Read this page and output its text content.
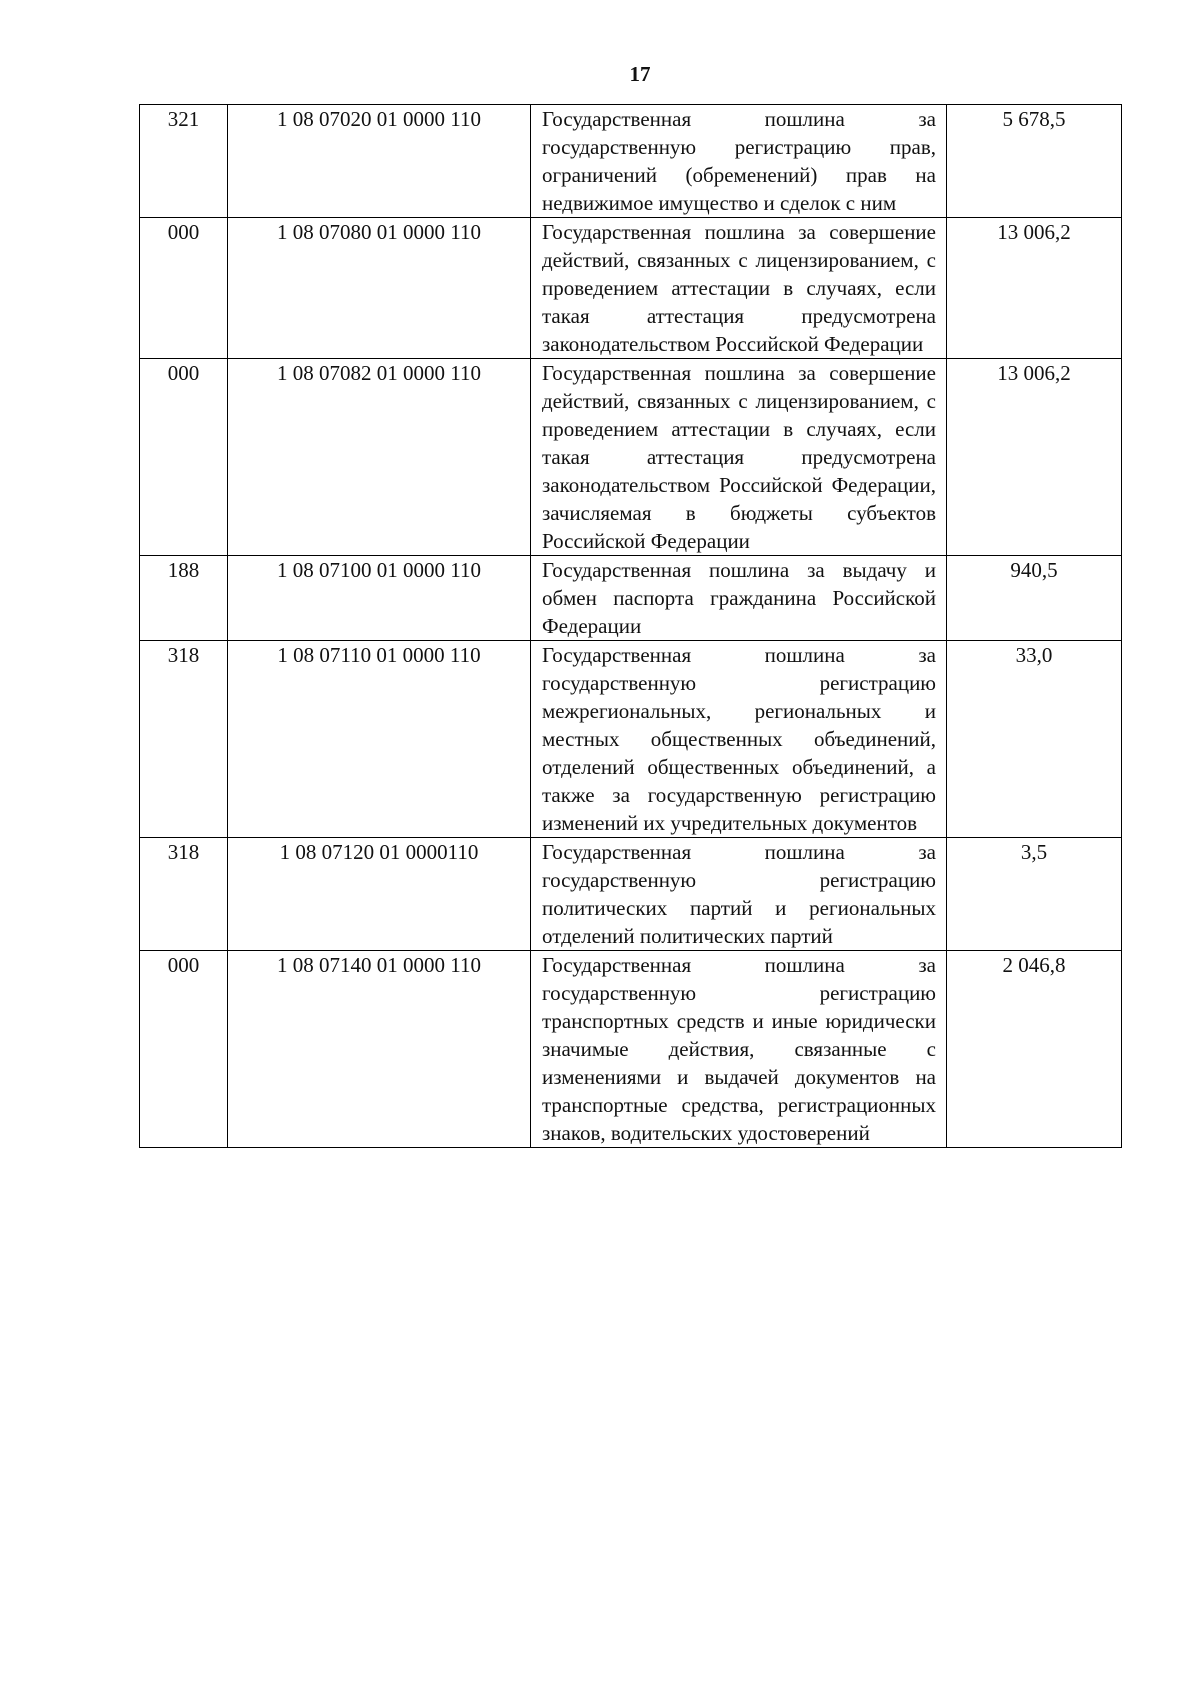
17
321	1 08 07020 01 0000 110	Государственная пошлина за государственную регистрацию прав, ограничений (обременений) прав на недвижимое имущество и сделок с ним	5 678,5
000	1 08 07080 01 0000 110	Государственная пошлина за совершение действий, связанных с лицензированием, с проведением аттестации в случаях, если такая аттестация предусмотрена законодательством Российской Федерации	13 006,2
000	1 08 07082 01 0000 110	Государственная пошлина за совершение действий, связанных с лицензированием, с проведением аттестации в случаях, если такая аттестация предусмотрена законодательством Российской Федерации, зачисляемая в бюджеты субъектов Российской Федерации	13 006,2
188	1 08 07100 01 0000 110	Государственная пошлина за выдачу и обмен паспорта гражданина Российской Федерации	940,5
318	1 08 07110 01 0000 110	Государственная пошлина за государственную регистрацию межрегиональных, региональных и местных общественных объединений, отделений общественных объединений, а также за государственную регистрацию изменений их учредительных документов	33,0
318	1 08 07120 01 0000110	Государственная пошлина за государственную регистрацию политических партий и региональных отделений политических партий	3,5
000	1 08 07140 01 0000 110	Государственная пошлина за государственную регистрацию транспортных средств и иные юридически значимые действия, связанные с изменениями и выдачей документов на транспортные средства, регистрационных знаков, водительских удостоверений	2 046,8
